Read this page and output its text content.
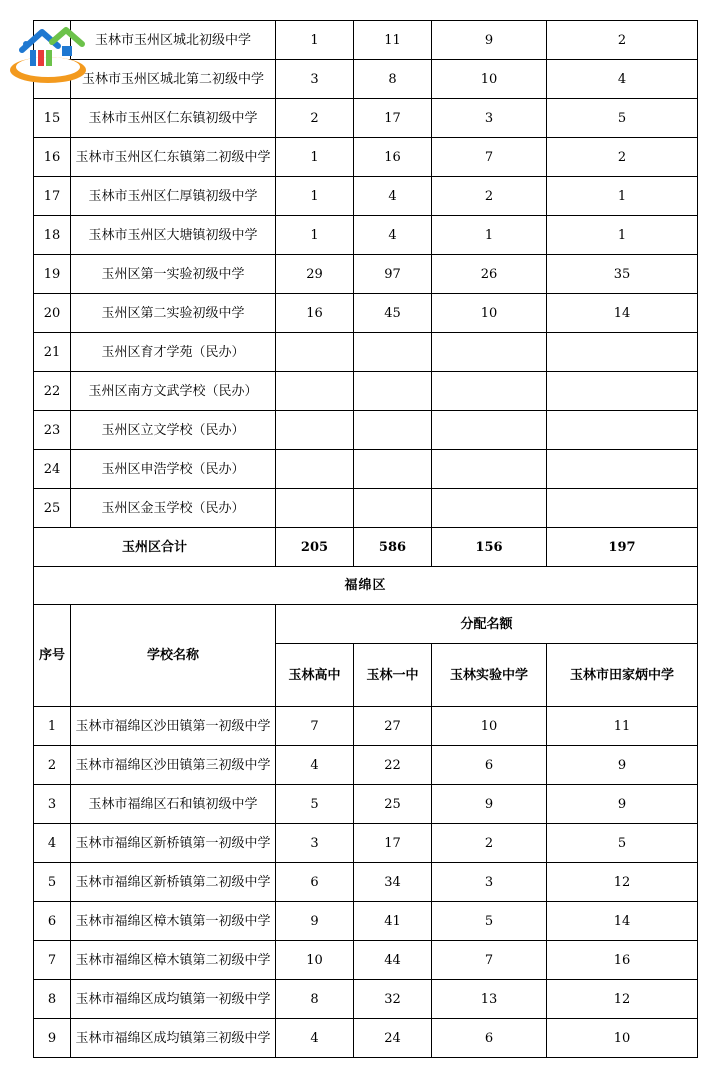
	玉林市玉州区城北初级中学	1	11	9	2
	玉林市玉州区城北第二初级中学	3	8	10	4
15	玉林市玉州区仁东镇初级中学	2	17	3	5
16	玉林市玉州区仁东镇第二初级中学	1	16	7	2
17	玉林市玉州区仁厚镇初级中学	1	4	2	1
18	玉林市玉州区大塘镇初级中学	1	4	1	1
19	玉州区第一实验初级中学	29	97	26	35
20	玉州区第二实验初级中学	16	45	10	14
21	玉州区育才学苑（民办）				
22	玉州区南方文武学校（民办）				
23	玉州区立文学校（民办）				
24	玉州区申浩学校（民办）				
25	玉州区金玉学校（民办）				
玉州区合计		205	586	156	197
福绵区					
序号	学校名称	分配名额			
		玉林高中	玉林一中	玉林实验中学	玉林市田家炳中学
1	玉林市福绵区沙田镇第一初级中学	7	27	10	11
2	玉林市福绵区沙田镇第三初级中学	4	22	6	9
3	玉林市福绵区石和镇初级中学	5	25	9	9
4	玉林市福绵区新桥镇第一初级中学	3	17	2	5
5	玉林市福绵区新桥镇第二初级中学	6	34	3	12
6	玉林市福绵区樟木镇第一初级中学	9	41	5	14
7	玉林市福绵区樟木镇第二初级中学	10	44	7	16
8	玉林市福绵区成均镇第一初级中学	8	32	13	12
9	玉林市福绵区成均镇第三初级中学	4	24	6	10
